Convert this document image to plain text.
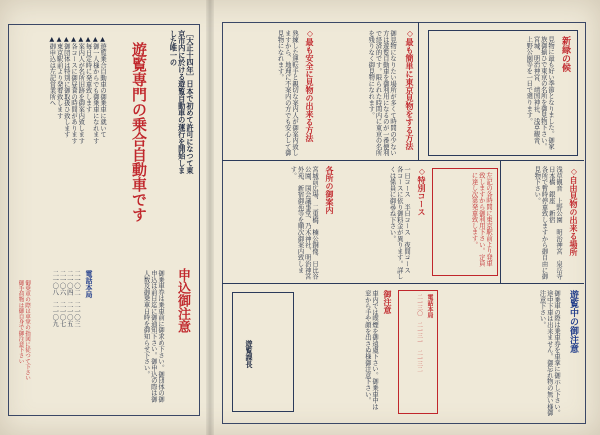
［大正十四年］日本で初めて許可になつて東京市内に於ける遊覧自動車の運行を開始しました唯一の
遊覧専門の乗合自動車です
▲遊覧乗合自動車の御乗車に就いて
▲御一人様からでも御乗車になれます
▲毎日定時に発車致します
▲案内人が名所旧跡を御案内致します
▲各コースに御昼食の時間があります
▲御団体は特別に御取扱ひ致します
▲東京駅前より発着致します
▲御申込は左記営業所へ
御乗車の際は車掌の指図に従つて下さい
御手荷物は御自身で御注意下さい	申込御注意
御乗車券は乗車前に御求め下さい。御団体の御申込は前日迄に御通知下さい。御申込の際は御人数及御乗車日時を御知らせ下さい。
電話本局
二一〇二　二一〇三
二一〇四　二一〇五
二一〇六　二一〇七
二一〇八　二一〇九
◇最も簡単に東京見物をする方法
御見物になりたい場所が多くて時間の少ない方は遊覧自動車を御利用になるのが一番便利で経済的です。限られた時間内に東京の名所を残りなく御見物になれます。
◇最も安全に見物の出来る方法
熟練した運転手と親切な案内人が御案内致しますから、地理に不案内の方でも安心して御見物になれます。	新緑の候
見物に最も好い季節となりました。御家族御揃ひで東京の名所を御見物下さい。宮城、明治神宮、靖国神社、浅草観音、上野公園等を一日で廻ります。
◇自由見物の出来る場所
浅草観音　上野公園　明治神宮　泉岳寺　日本橋　銀座　新宿
各所で暫時停車致しますから御自由に御見物下さい。
左記の各時間に東京駅前より発車致しますから御利用下さい。定員に達し次第発車致します。
◇特別コース
一日コース　半日コース　夜間コース
各コースに依り御料金が異ります。詳しくは係員に御尋ね下さい。
各所の御案内
宮城前広場、二重橋、楠公銅像、日比谷公園、国会議事堂、乃木神社、明治神宮外苑、新宿御苑等を順次御案内致します。
遊覧中の御注意
御乗車の際は乗車券を車掌に御示し下さい。途中下車は出来ません。御忘れ物の無い様御注意下さい。
電話本局
二一三〇　二一三一　二一三二
御注意
車内では喫煙を御遠慮下さい。御乗車中は窓から手や顔を出さぬ様御注意下さい。
遊覧課長
